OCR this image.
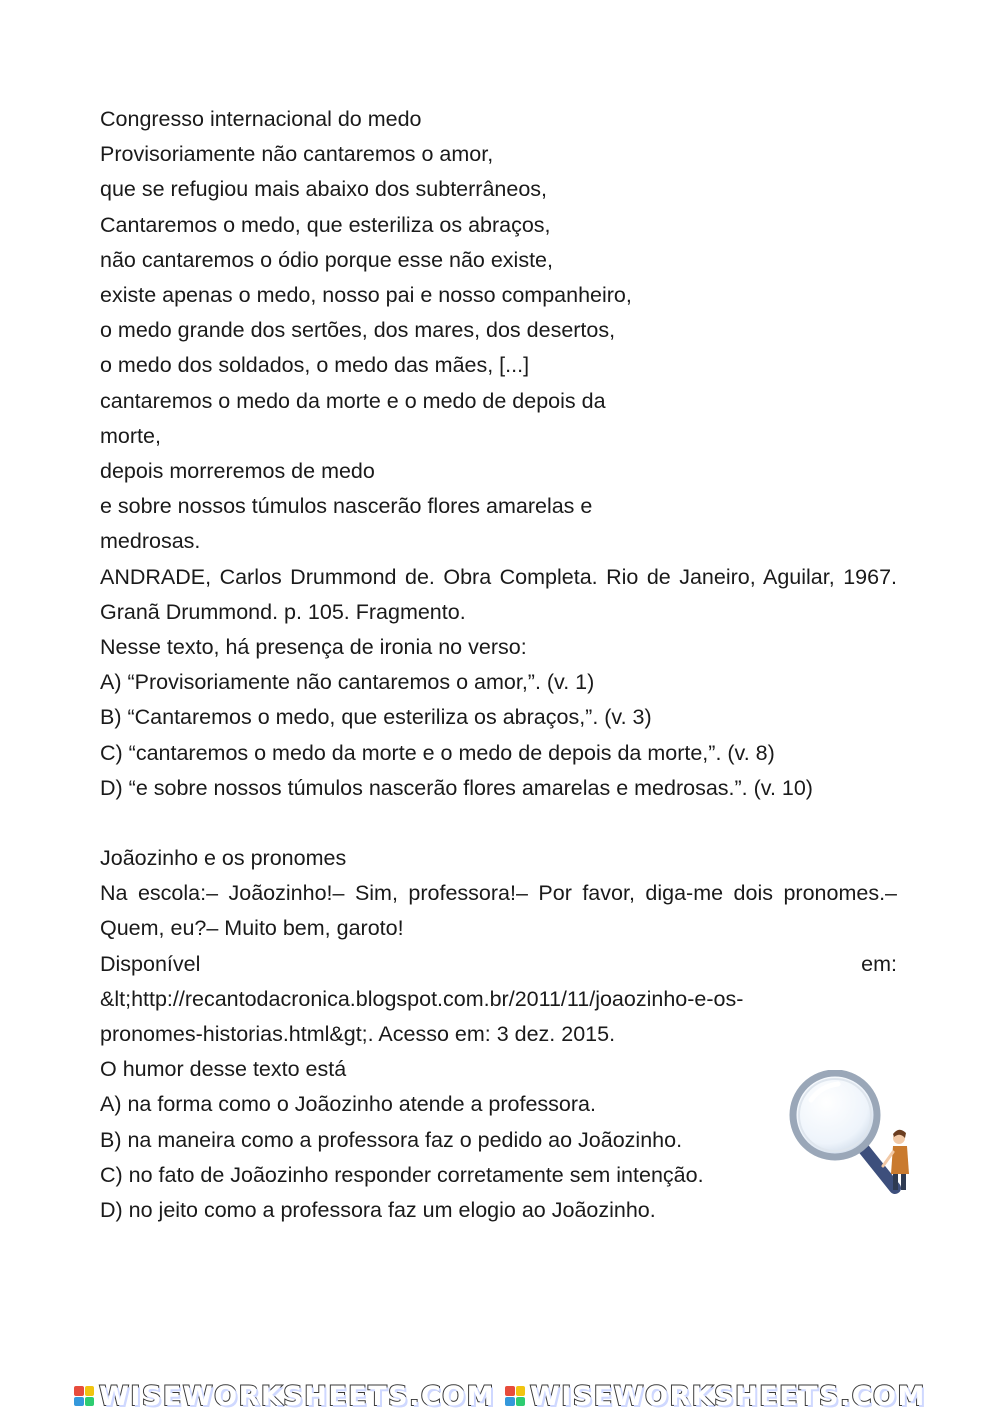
Congresso internacional do medo
Provisoriamente não cantaremos o amor,
que se refugiou mais abaixo dos subterrâneos,
Cantaremos o medo, que esteriliza os abraços,
não cantaremos o ódio porque esse não existe,
existe apenas o medo, nosso pai e nosso companheiro,
o medo grande dos sertões, dos mares, dos desertos,
o medo dos soldados, o medo das mães, [...]
cantaremos o medo da morte e o medo de depois da
morte,
depois morreremos de medo
e sobre nossos túmulos nascerão flores amarelas e
medrosas.
ANDRADE, Carlos Drummond de. Obra Completa. Rio de Janeiro, Aguilar, 1967. Granã Drummond. p. 105. Fragmento.
Nesse texto, há presença de ironia no verso:
A) “Provisoriamente não cantaremos o amor,”. (v. 1)
B) “Cantaremos o medo, que esteriliza os abraços,”. (v. 3)
C) “cantaremos o medo da morte e o medo de depois da morte,”. (v. 8)
D) “e sobre nossos túmulos nascerão flores amarelas e medrosas.”. (v. 10)
Joãozinho e os pronomes
Na escola:– Joãozinho!– Sim, professora!– Por favor, diga-me dois pronomes.– Quem, eu?– Muito bem, garoto!
Disponível	em:
&lt;http://recantodacronica.blogspot.com.br/2011/11/joaozinho-e-os-
pronomes-historias.html&gt;. Acesso em: 3 dez. 2015.
O humor desse texto está
A) na forma como o Joãozinho atende a professora.
B) na maneira como a professora faz o pedido ao Joãozinho.
C) no fato de Joãozinho responder corretamente sem intenção.
D) no jeito como a professora faz um elogio ao Joãozinho.
WISEWORKSHEETS.COM WISEWORKSHEETS.COM
